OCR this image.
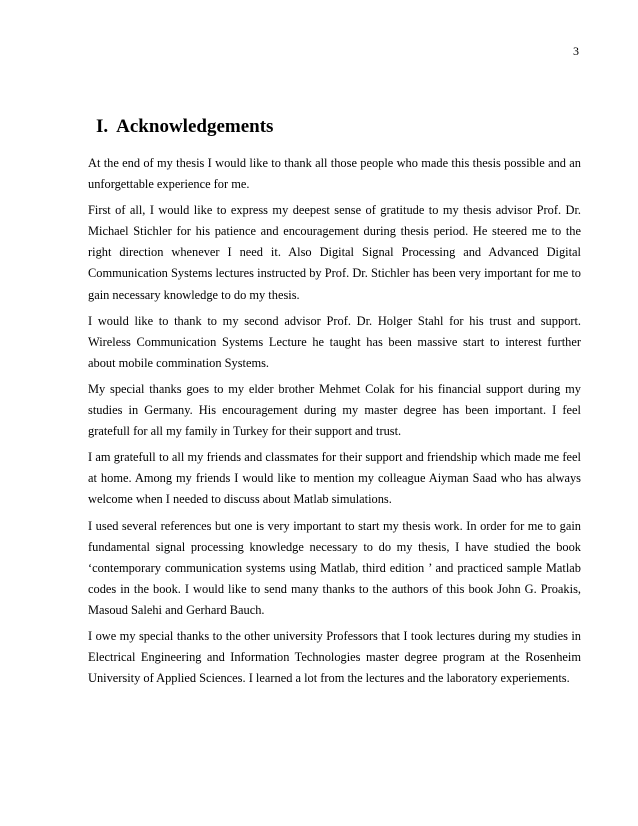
3
I. Acknowledgements

At the end of my thesis I would like to thank all those people who made this thesis possible and an unforgettable experience for me.

First of all, I would like to express my deepest sense of gratitude to my thesis advisor Prof. Dr. Michael Stichler for his patience and encouragement during thesis period. He steered me to the right direction whenever I need it. Also Digital Signal Processing and Advanced Digital Communication Systems lectures instructed by Prof. Dr. Stichler has been very important for me to gain necessary knowledge to do my thesis.

I would like to thank to my second advisor Prof. Dr. Holger Stahl for his trust and support. Wireless Communication Systems Lecture he taught has been massive start to interest further about mobile commination Systems.

My special thanks goes to my elder brother Mehmet Colak for his financial support during my studies in Germany. His encouragement during my master degree has been important. I feel gratefull for all my family in Turkey for their support and trust.

I am gratefull to all my friends and classmates for their support and friendship which made me feel at home. Among my friends I would like to mention my colleague Aiyman Saad who has always welcome when I needed to discuss about Matlab simulations.

I used several references but one is very important to start my thesis work. In order for me to gain fundamental signal processing knowledge necessary to do my thesis, I have studied the book ‘contemporary communication systems using Matlab, third edition ’ and practiced sample Matlab codes in the book. I would like to send many thanks to the authors of this book John G. Proakis, Masoud Salehi and Gerhard Bauch.

I owe my special thanks to the other university Professors that I took lectures during my studies in Electrical Engineering and Information Technologies master degree program at the Rosenheim University of Applied Sciences. I learned a lot from the lectures and the laboratory experiements.
